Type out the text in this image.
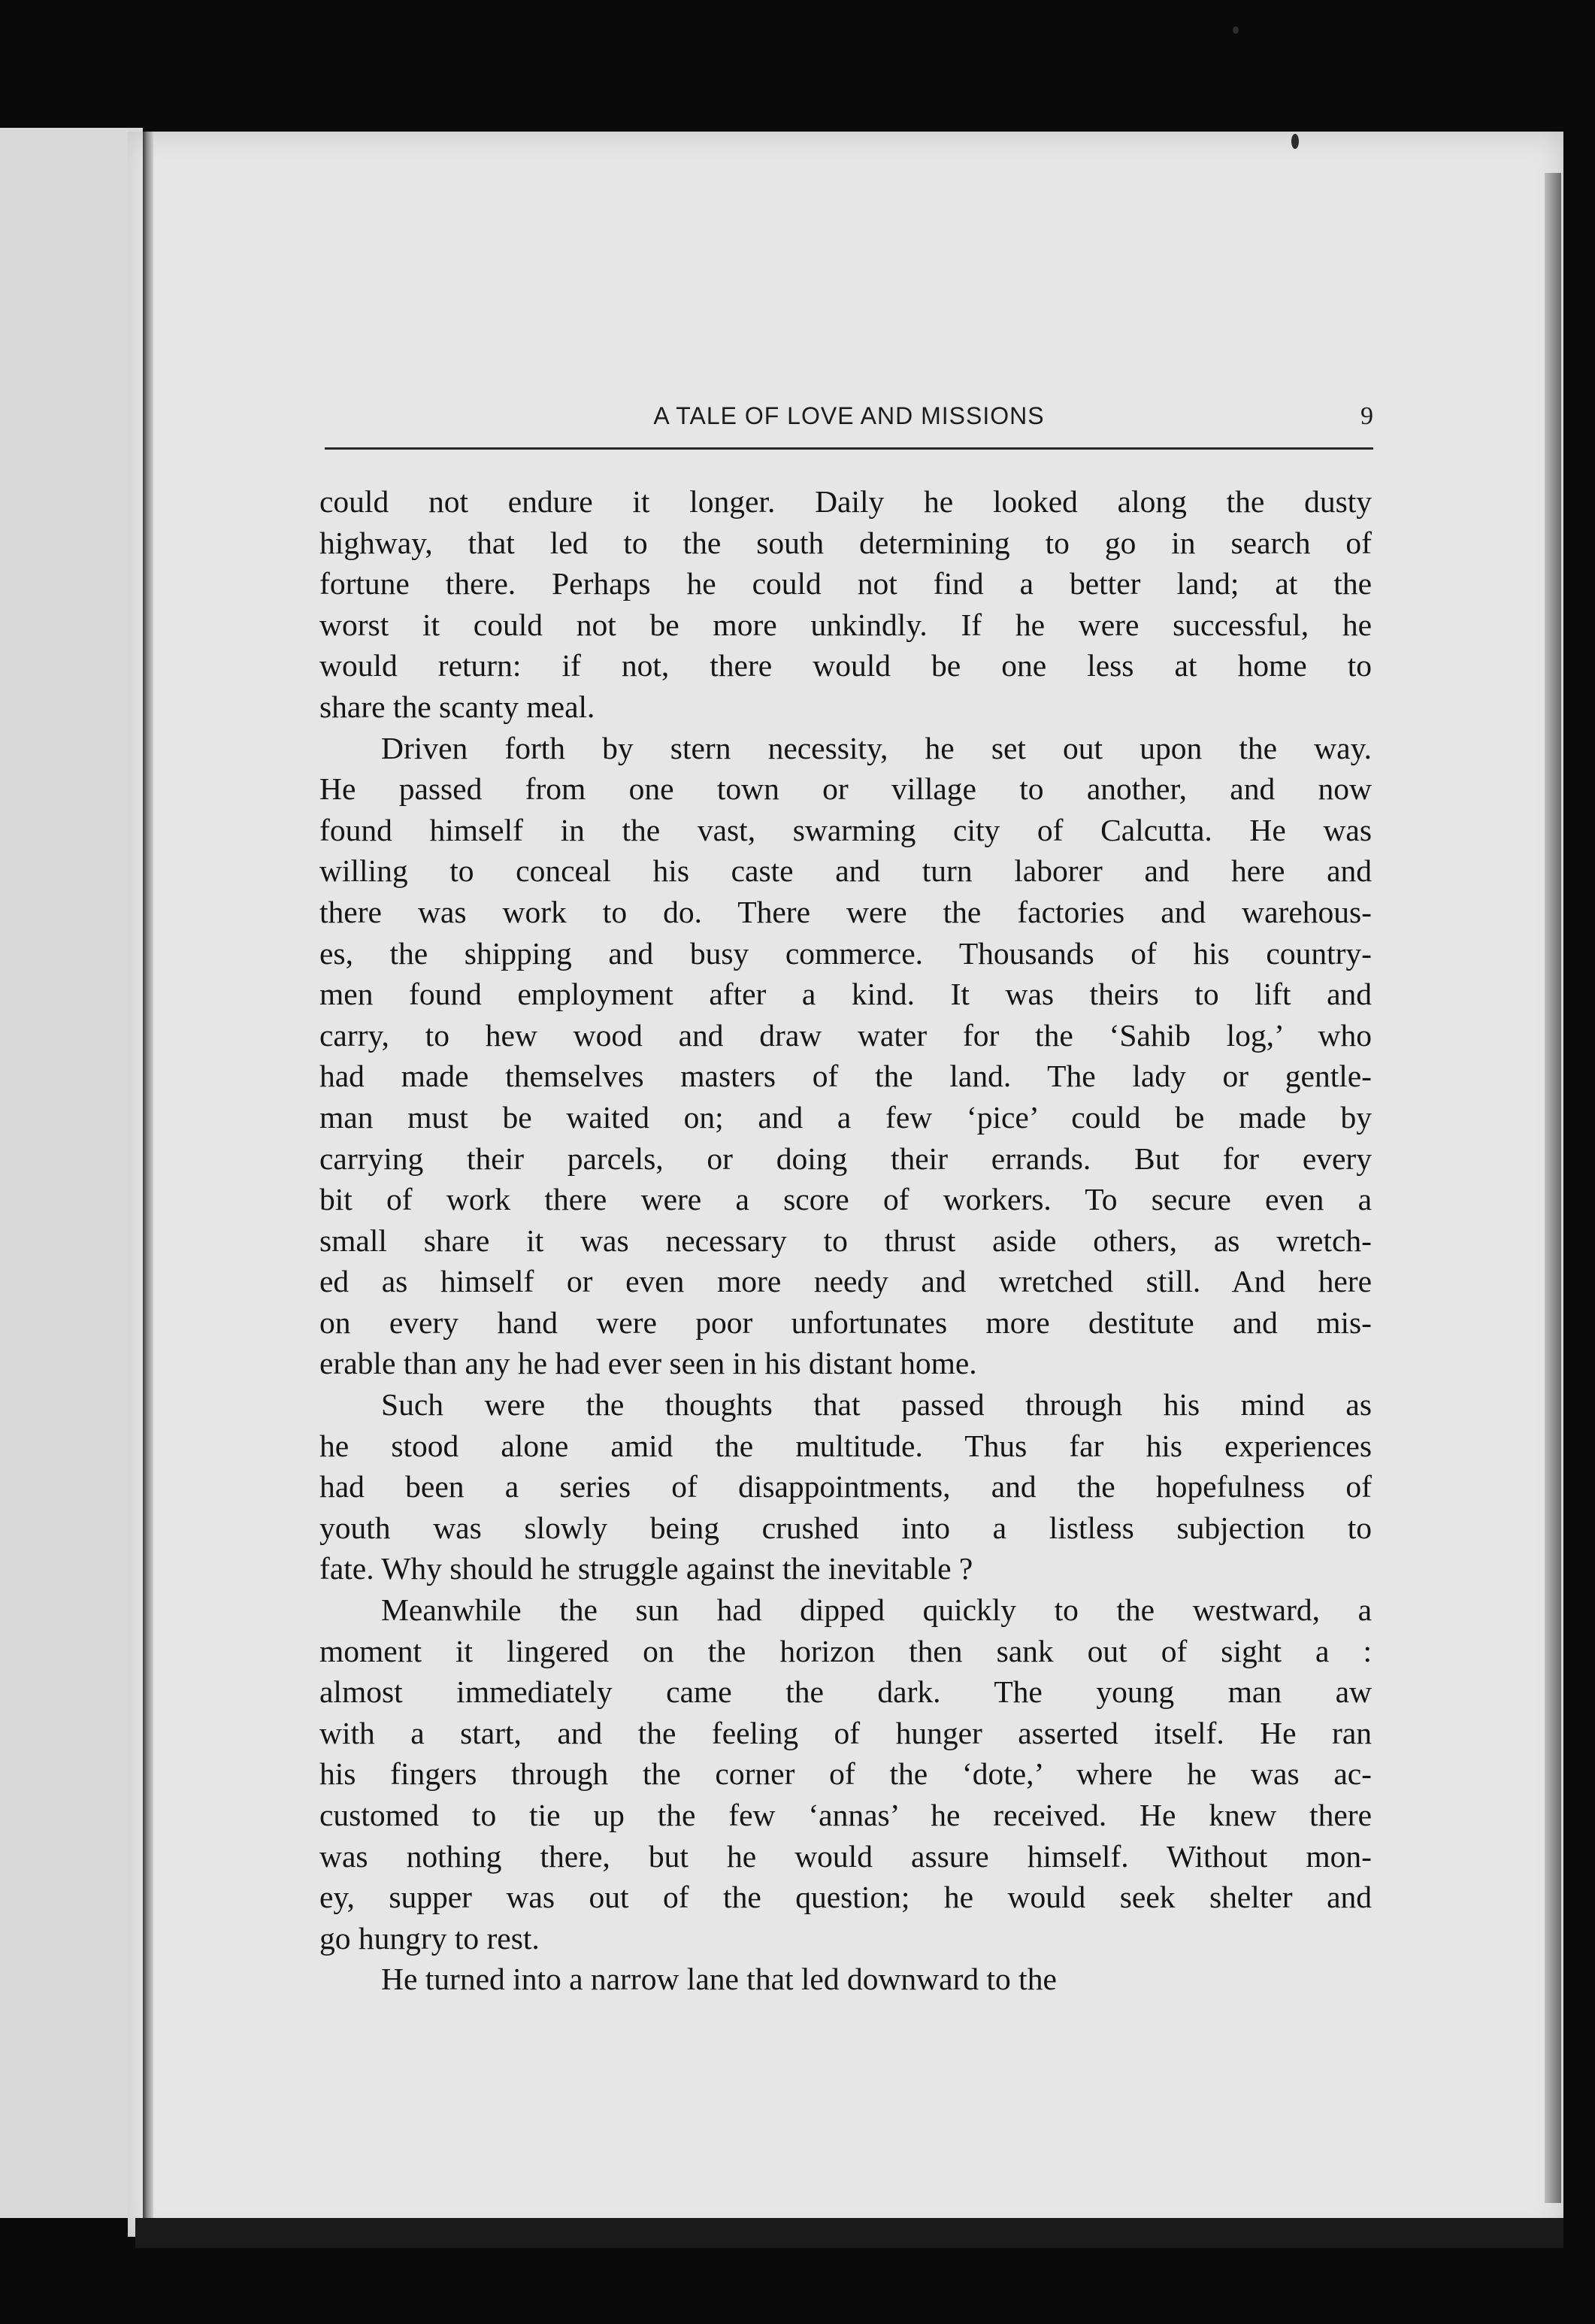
A TALE OF LOVE AND MISSIONS	9
could not endure it longer. Daily he looked along the dusty
highway, that led to the south determining to go in search of
fortune there. Perhaps he could not find a better land; at the
worst it could not be more unkindly. If he were successful, he
would return: if not, there would be one less at home to
share the scanty meal.
Driven forth by stern necessity, he set out upon the way.
He passed from one town or village to another, and now
found himself in the vast, swarming city of Calcutta. He was
willing to conceal his caste and turn laborer and here and
there was work to do. There were the factories and warehous-
es, the shipping and busy commerce. Thousands of his country-
men found employment after a kind. It was theirs to lift and
carry, to hew wood and draw water for the ‘Sahib log,’ who
had made themselves masters of the land. The lady or gentle-
man must be waited on; and a few ‘pice’ could be made by
carrying their parcels, or doing their errands. But for every
bit of work there were a score of workers. To secure even a
small share it was necessary to thrust aside others, as wretch-
ed as himself or even more needy and wretched still. And here
on every hand were poor unfortunates more destitute and mis-
erable than any he had ever seen in his distant home.
Such were the thoughts that passed through his mind as
he stood alone amid the multitude. Thus far his experiences
had been a series of disappointments, and the hopefulness of
youth was slowly being crushed into a listless subjection to
fate. Why should he struggle against the inevitable ?
Meanwhile the sun had dipped quickly to the westward, a
moment it lingered on the horizon then sank out of sight a :
almost immediately came the dark. The young man aw
with a start, and the feeling of hunger asserted itself. He ran
his fingers through the corner of the ‘dote,’ where he was ac-
customed to tie up the few ‘annas’ he received. He knew there
was nothing there, but he would assure himself. Without mon-
ey, supper was out of the question; he would seek shelter and
go hungry to rest.
He turned into a narrow lane that led downward to the
